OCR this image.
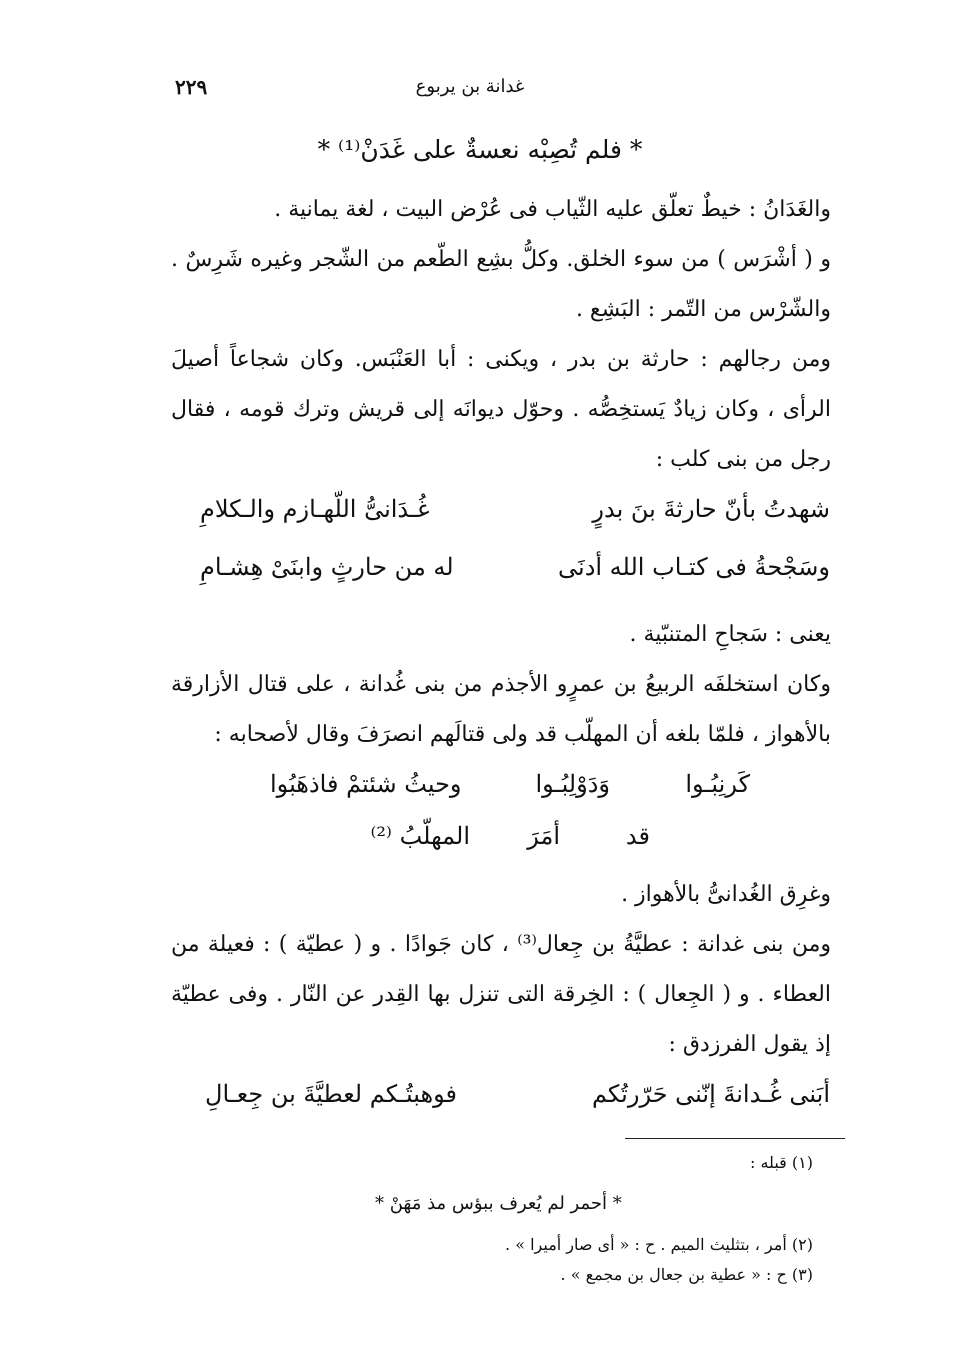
غدانة بن يربوع
٢٢٩
* فلم تُصِبْه نعسةٌ على غَدَنْ⁽¹⁾ *

والغَدَانُ : خيطٌ تعلّق عليه الثّياب فى عُرْض البيت ، لغة يمانية .

و ( أشْرَس ) من سوء الخلق. وكلُّ بشِع الطّعم من الشّجر وغيره شَرِسٌ . والشّرْس من التّمر : البَشِع .

ومن رجالهم : حارثة بن بدر ، ويكنى : أبا العَنْبَس. وكان شجاعاً أصيلَ الرأى ، وكان زيادٌ يَستخِصُّه . وحوّل ديوانَه إلى قريش وترك قومه ، فقال رجل من بنى كلب :

شهدتُ بأنّ حارثةَ بنَ بدرٍ
غُـدَانىُّ اللّهـازم والـكلامِ
وسَجْحةُ فى كتـاب الله أدنَى
له من حارثٍ وابنَىْ هِشـامِ

يعنى : سَجاحِ المتنبّية .

وكان استخلفَه الربيعُ بن عمرٍو الأجذم من بنى غُدانة ، على قتال الأزارقة بالأهواز ، فلمّا بلغه أن المهلّب قد ولى قتالَهم انصرَفَ وقال لأصحابه :

كَرنِبُـوا
وَدَوْلِبُـوا
وحيثُ شئتمْ فاذهَبُوا
قد
أمَرَ
المهلّبُ ⁽²⁾

وغرِق الغُدانىُّ بالأهواز .

ومن بنى غدانة : عطيَّةُ بن جِعال⁽³⁾ ، كان جَوادًا . و ( عطيّة ) : فعيلة من العطاء . و ( الجِعال ) : الخِرقة التى تنزل بها القِدر عن النّار . وفى عطيّة إذ يقول الفرزدق :

أبَنى غُـدانةَ إنّنى حَرّرتُكم
فوهبتُـكم لعطيَّةَ بن جِعـالِ
(١) قبله :
* أحمر لم يُعرف ببؤس مذ مَهَنْ *
(٢) أمر ، بتثليث الميم . ح : « أى صار أميرا » .
(٣) ح : « عطية بن جعال بن مجمع » .
